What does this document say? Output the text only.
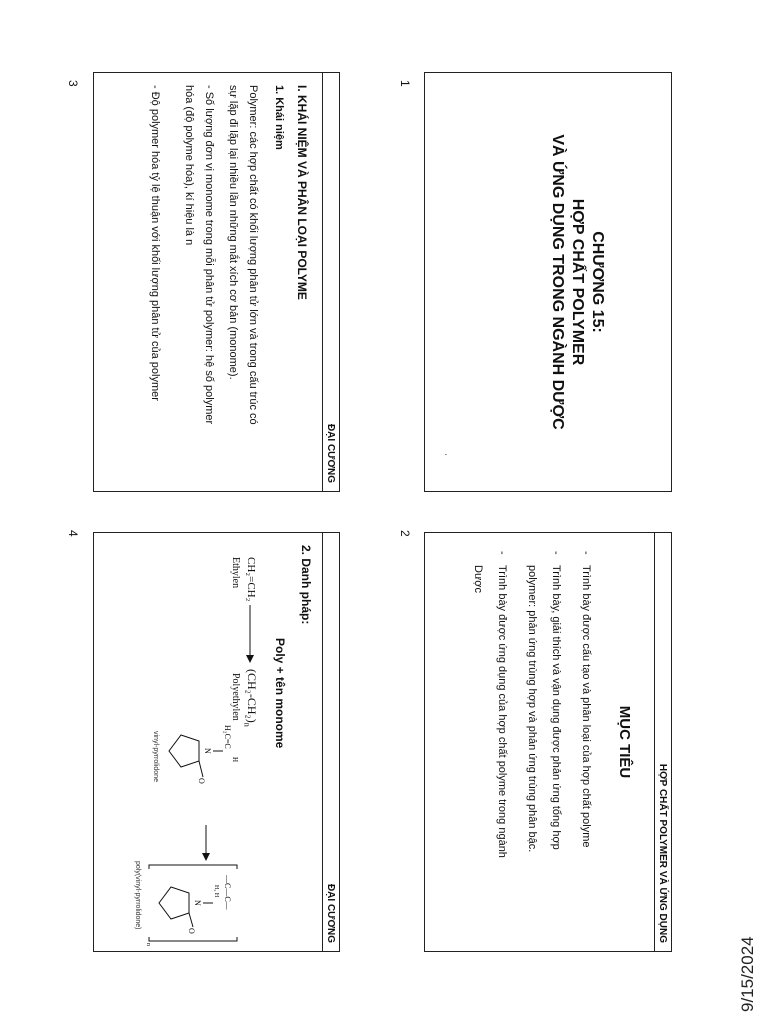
9/15/2024
1
2
3
4
CHƯƠNG 15:
HỢP CHẤT POLYMER
VÀ ỨNG DỤNG TRONG NGÀNH DƯỢC
ˈ
HỢP CHẤT POLYMER VÀ ỨNG DỤNG
MỤC TIÊU
-
Trình bày được cấu tạo và phân loại của hợp chất polyme
-
Trình bày, giải thích và vận dụng được phản ứng tổng hợp
polymer: phản ứng trùng hợp và phản ứng trùng phân bậc.
-
Trình bày được ứng dụng của hợp chất polyme trong ngành
Dược
ĐẠI CƯƠNG
I. KHÁI NIỆM VÀ PHÂN LOẠI POLYME
1. Khái niệm
Polymer: các hợp chất có khối lượng phân tử lớn và trong cấu trúc có
sự lặp đi lặp lại nhiều lần những mắt xích cơ bản (monome).
- Số lượng đơn vị monome trong mỗi phân tử polymer: hệ số polymer
hóa (độ polyme hóa), kí hiệu là n
- Độ polymer hóa tỷ lệ thuận với khối lượng phân tử của polymer
ĐẠI CƯƠNG
2. Danh pháp:
Poly + tên monome
CH₂=CH₂
Ethylen
$(CH_2-CH_2)_n$
Polyethylen
H₂C=C
H
N
O
vinyl-pyrrolidone
—C—C—
H₂ H
N
O
n
poly(vinyl-pyrrolidone)
